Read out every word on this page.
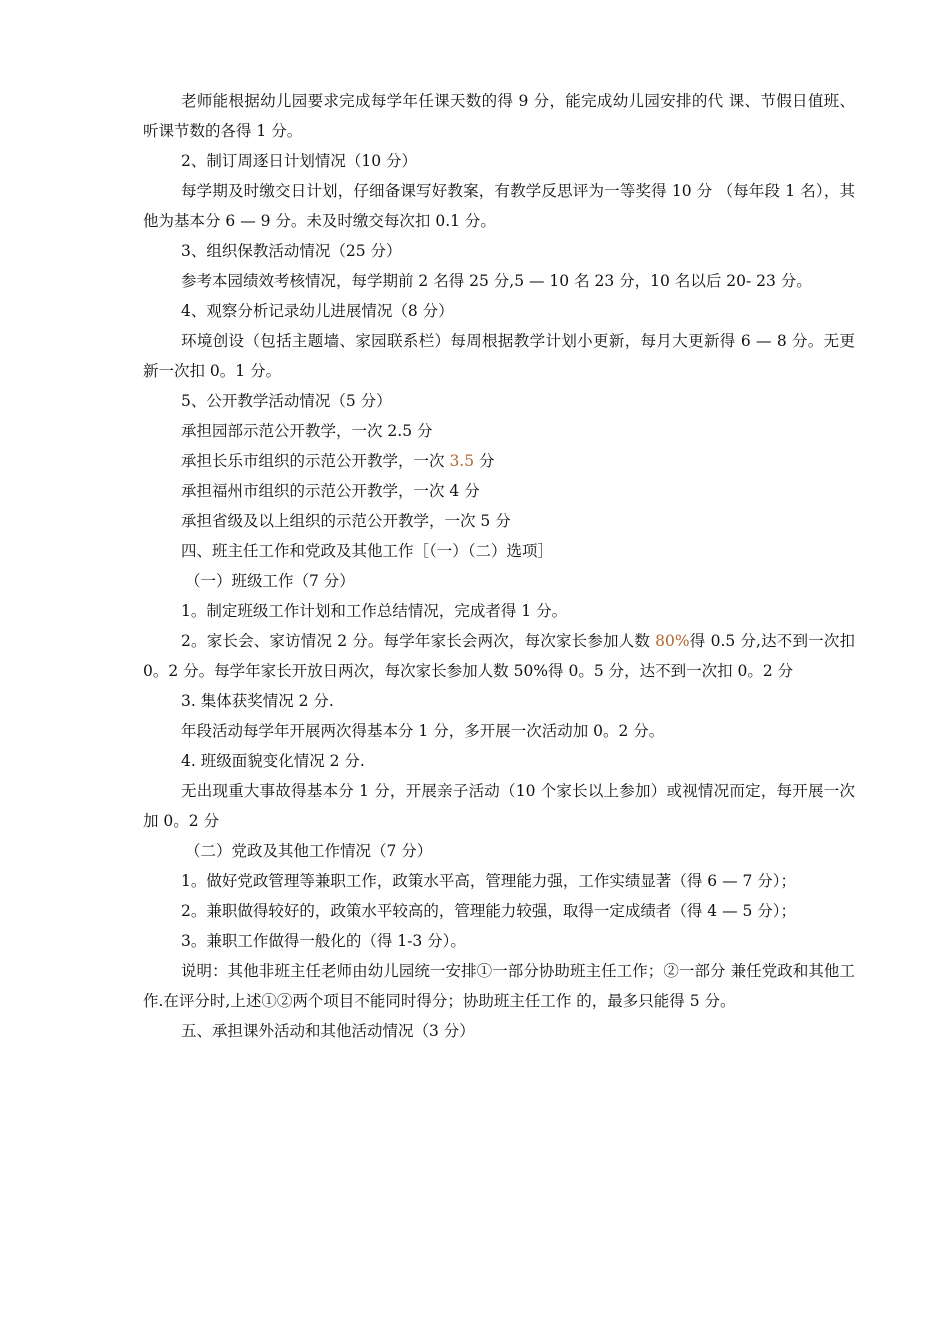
老师能根据幼儿园要求完成每学年任课天数的得 9 分，能完成幼儿园安排的代 课、节假日值班、听课节数的各得 1 分。

2、制订周逐日计划情况（10 分）

每学期及时缴交日计划，仔细备课写好教案，有教学反思评为一等奖得 10 分 （每年段 1 名），其他为基本分 6 — 9 分。未及时缴交每次扣 0.1 分。

3、组织保教活动情况（25 分）

参考本园绩效考核情况，每学期前 2 名得 25 分,5 — 10 名 23 分，10 名以后 20- 23 分。

4、观察分析记录幼儿进展情况（8 分）

环境创设（包括主题墙、家园联系栏）每周根据教学计划小更新，每月大更新得 6 — 8 分。无更新一次扣 0。1 分。

5、公开教学活动情况（5 分）

承担园部示范公开教学，一次 2.5 分

承担长乐市组织的示范公开教学，一次 3.5 分

承担福州市组织的示范公开教学，一次 4 分

承担省级及以上组织的示范公开教学，一次 5 分

四、班主任工作和党政及其他工作［（一）（二）选项］

（一）班级工作（7 分）

1。制定班级工作计划和工作总结情况，完成者得 1 分。

2。家长会、家访情况 2 分。每学年家长会两次，每次家长参加人数 80%得 0.5 分,达不到一次扣 0。2 分。每学年家长开放日两次，每次家长参加人数 50%得 0。5 分，达不到一次扣 0。2 分

3. 集体获奖情况 2 分.

年段活动每学年开展两次得基本分 1 分，多开展一次活动加 0。2 分。

4. 班级面貌变化情况 2 分.

无出现重大事故得基本分 1 分，开展亲子活动（10 个家长以上参加）或视情况而定，每开展一次加 0。2 分

（二）党政及其他工作情况（7 分）

1。做好党政管理等兼职工作，政策水平高，管理能力强，工作实绩显著（得 6 — 7 分）；

2。兼职做得较好的，政策水平较高的，管理能力较强，取得一定成绩者（得 4 — 5 分）；

3。兼职工作做得一般化的（得 1-3 分）。

说明：其他非班主任老师由幼儿园统一安排①一部分协助班主任工作；②一部分 兼任党政和其他工作.在评分时,上述①②两个项目不能同时得分；协助班主任工作 的，最多只能得 5 分。

五、承担课外活动和其他活动情况（3 分）
